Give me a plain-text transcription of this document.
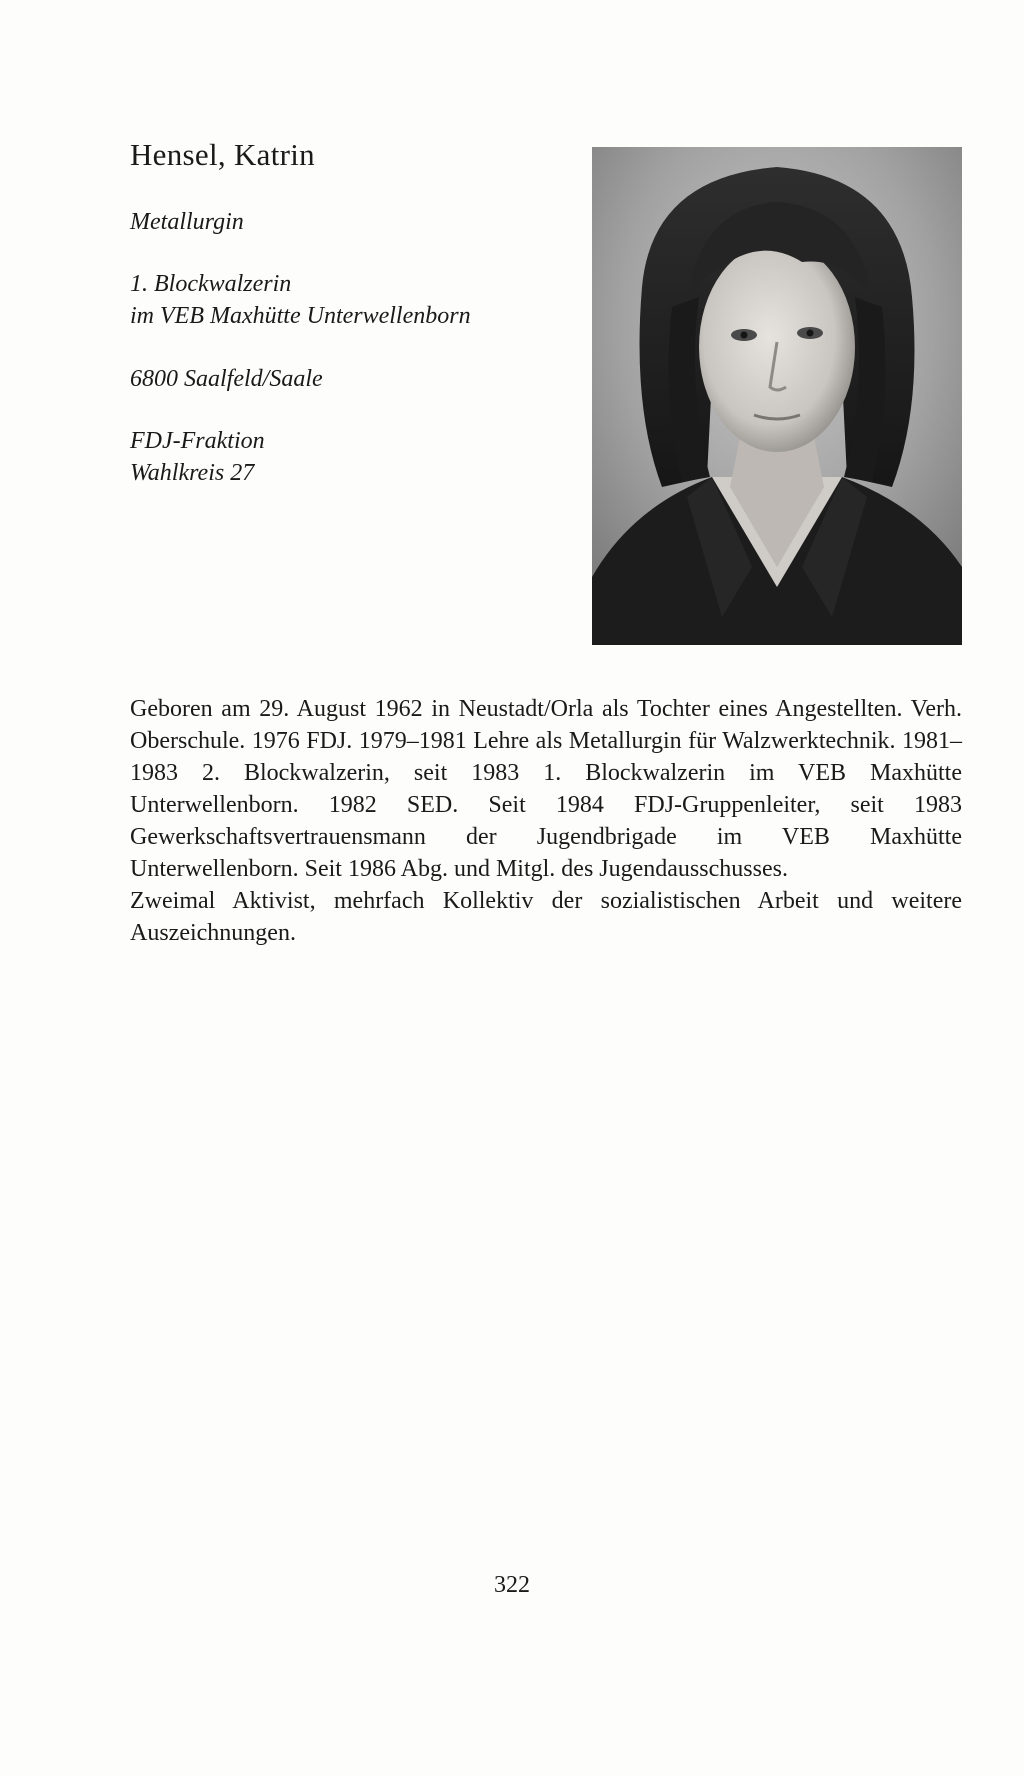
Hensel, Katrin

Metallurgin

1. Blockwalzerin
im VEB Maxhütte Unterwellenborn

6800 Saalfeld/Saale

FDJ-Fraktion
Wahlkreis 27

Geboren am 29. August 1962 in Neustadt/Orla als Tochter eines Angestellten. Verh. Oberschule. 1976 FDJ. 1979–1981 Lehre als Metallurgin für Walzwerktechnik. 1981–1983 2. Blockwalzerin, seit 1983 1. Blockwalzerin im VEB Maxhütte Unterwellenborn. 1982 SED. Seit 1984 FDJ-Gruppenleiter, seit 1983 Gewerkschaftsvertrauensmann der Jugendbrigade im VEB Maxhütte Unterwellenborn. Seit 1986 Abg. und Mitgl. des Jugendausschusses.

Zweimal Aktivist, mehrfach Kollektiv der sozialistischen Arbeit und weitere Auszeichnungen.

322
